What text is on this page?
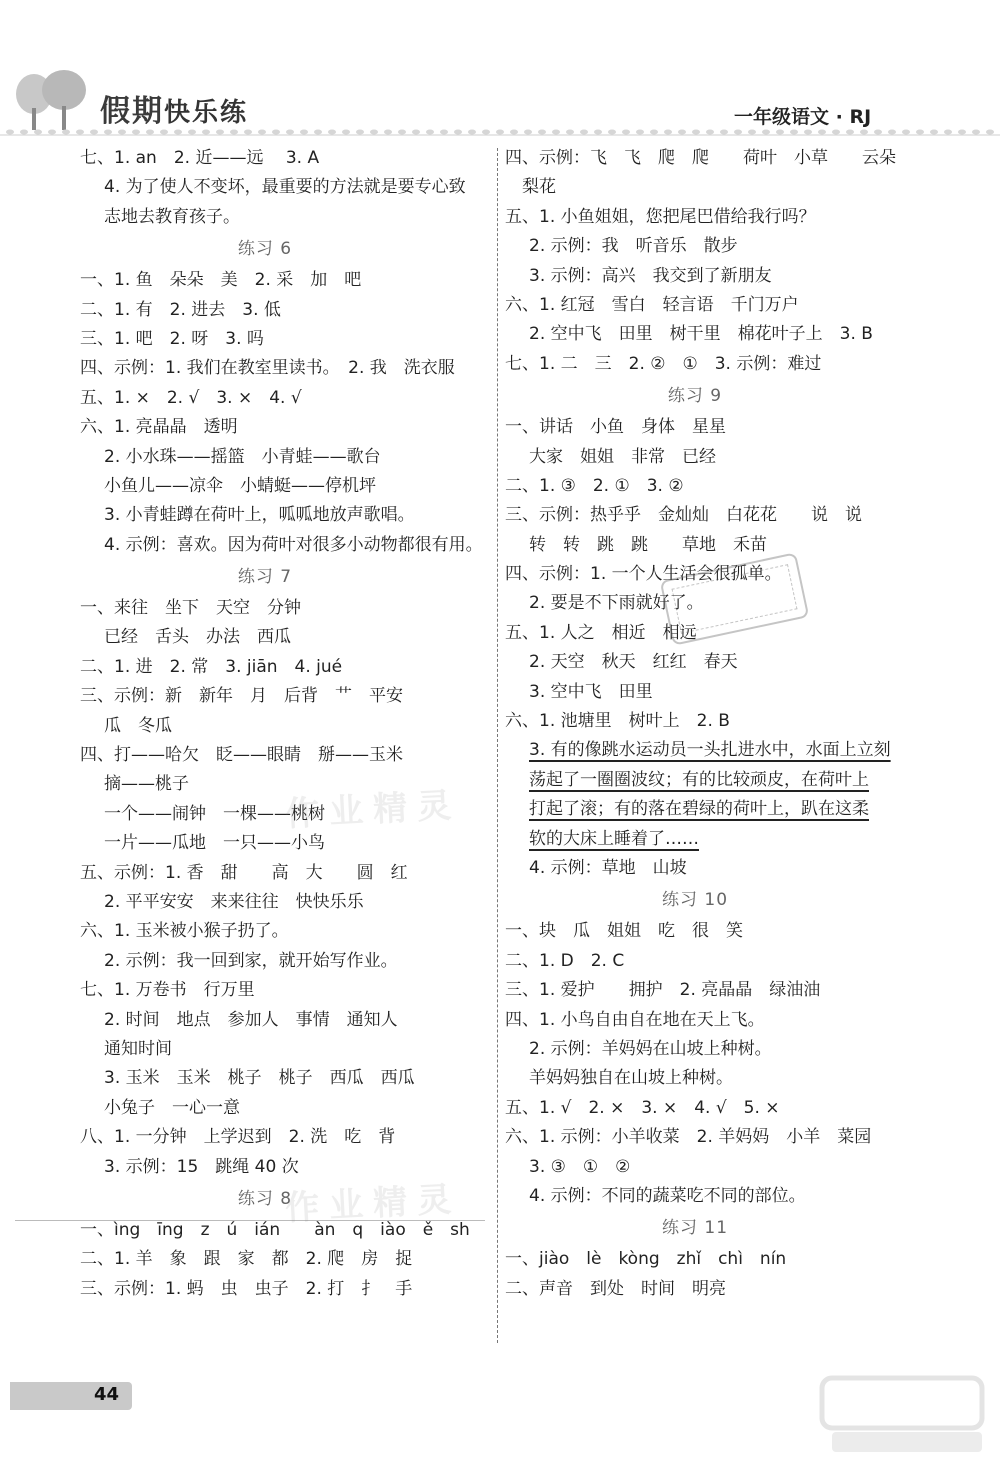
假期快乐练	一年级语文 · RJ
七、1. an　2. 近——远　 3. A
4. 为了使人不变坏，最重要的方法就是要专心致
志地去教育孩子。
练习 6
一、1. 鱼　朵朵　美　2. 采　加　吧
二、1. 有　2. 进去　3. 低
三、1. 吧　2. 呀　3. 吗
四、示例：1. 我们在教室里读书。　2. 我　洗衣服
五、1. ×　2. √　3. ×　4. √
六、1. 亮晶晶　透明
2. 小水珠——摇篮　小青蛙——歌台
小鱼儿——凉伞　小蜻蜓——停机坪
3. 小青蛙蹲在荷叶上，呱呱地放声歌唱。
4. 示例：喜欢。因为荷叶对很多小动物都很有用。
练习 7
一、来往　坐下　天空　分钟
已经　舌头　办法　西瓜
二、1. 进　2. 常　3. jiān　4. jué
三、示例：新　新年　月　后背　艹　平安
瓜　冬瓜
四、打——哈欠　眨——眼睛　掰——玉米
摘——桃子
一个——闹钟　一棵——桃树
一片——瓜地　一只——小鸟
五、示例：1. 香　甜　　高　大　　圆　红
2. 平平安安　来来往往　快快乐乐
六、1. 玉米被小猴子扔了。
2. 示例：我一回到家，就开始写作业。
七、1. 万卷书　行万里
2. 时间　地点　参加人　事情　通知人
通知时间
3. 玉米　玉米　桃子　桃子　西瓜　西瓜
小兔子　一心一意
八、1. 一分钟　上学迟到　2. 洗　吃　背
3. 示例：15　跳绳 40 次
练习 8
一、ìng　īng　z　ú　ián　　àn　q　iào　ě　sh
二、1. 羊　象　跟　家　都　2. 爬　房　捉
三、示例：1. 蚂　虫　虫子　2. 打　扌　手
四、示例：飞　飞　爬　爬　　荷叶　小草　　云朵
　梨花
五、1. 小鱼姐姐，您把尾巴借给我行吗？
2. 示例：我　听音乐　散步
3. 示例：高兴　我交到了新朋友
六、1. 红冠　雪白　轻言语　千门万户
2. 空中飞　田里　树干里　棉花叶子上　3. B
七、1. 二　三　2. ②　①　3. 示例：难过
练习 9
一、讲话　小鱼　身体　星星
大家　姐姐　非常　已经
二、1. ③　2. ①　3. ②
三、示例：热乎乎　金灿灿　白花花　　说　说
转　转　跳　跳　　草地　禾苗
四、示例：1. 一个人生活会很孤单。
2. 要是不下雨就好了。
五、1. 人之　相近　相远
2. 天空　秋天　红红　春天
3. 空中飞　田里
六、1. 池塘里　树叶上　2. B
3. 有的像跳水运动员一头扎进水中，水面上立刻
荡起了一圈圈波纹；有的比较顽皮，在荷叶上
打起了滚；有的落在碧绿的荷叶上，趴在这柔
软的大床上睡着了……
4. 示例：草地　山坡
练习 10
一、块　瓜　姐姐　吃　很　笑
二、1. D　2. C
三、1. 爱护　　拥护　2. 亮晶晶　绿油油
四、1. 小鸟自由自在地在天上飞。
2. 示例：羊妈妈在山坡上种树。
羊妈妈独自在山坡上种树。
五、1. √　2. ×　3. ×　4. √　5. ×
六、1. 示例：小羊收菜　2. 羊妈妈　小羊　菜园
3. ③　①　②
4. 示例：不同的蔬菜吃不同的部位。
练习 11
一、jiào　lè　kòng　zhǐ　chì　nín
二、声音　到处　时间　明亮
作业精灵
作业精灵
44
